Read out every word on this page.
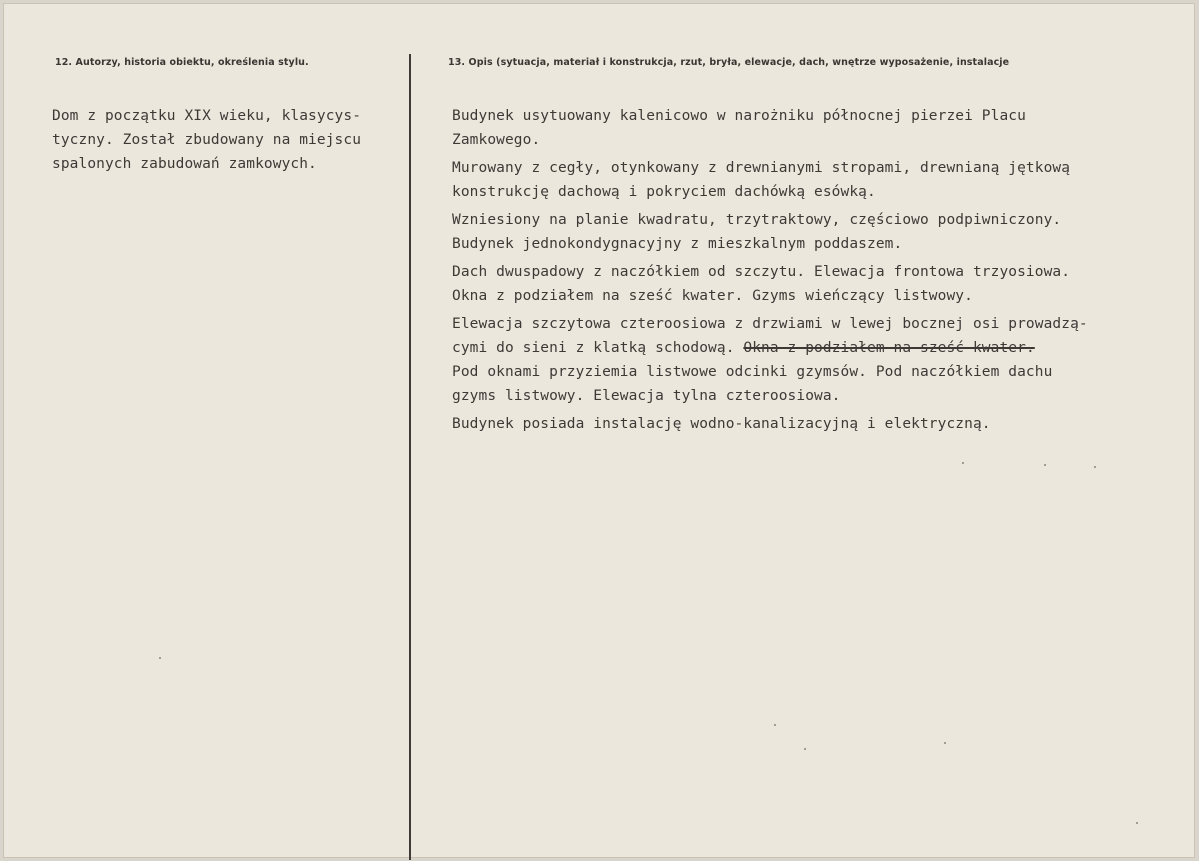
12. Autorzy, historia obiektu, określenia stylu.	13. Opis (sytuacja, materiał i konstrukcja, rzut, bryła, elewacje, dach, wnętrze wyposażenie, instalacje
Dom z początku XIX wieku, klasycys-
tyczny. Został zbudowany na miejscu
spalonych zabudowań zamkowych.
Budynek usytuowany kalenicowo w narożniku północnej pierzei Placu
Zamkowego.
Murowany z cegły, otynkowany z drewnianymi stropami, drewnianą jętkową
konstrukcję dachową i pokryciem dachówką esówką.
Wzniesiony na planie kwadratu, trzytraktowy, częściowo podpiwniczony.
Budynek jednokondygnacyjny z mieszkalnym poddaszem.
Dach dwuspadowy z naczółkiem od szczytu. Elewacja frontowa trzyosiowa.
Okna z podziałem na sześć kwater. Gzyms wieńczący listwowy.
Elewacja szczytowa czteroosiowa z drzwiami w lewej bocznej osi prowadzą-
cymi do sieni z klatką schodową. Okna z podziałem na sześć kwater.
Pod oknami przyziemia listwowe odcinki gzymsów. Pod naczółkiem dachu
gzyms listwowy. Elewacja tylna czteroosiowa.
Budynek posiada instalację wodno-kanalizacyjną i elektryczną.
